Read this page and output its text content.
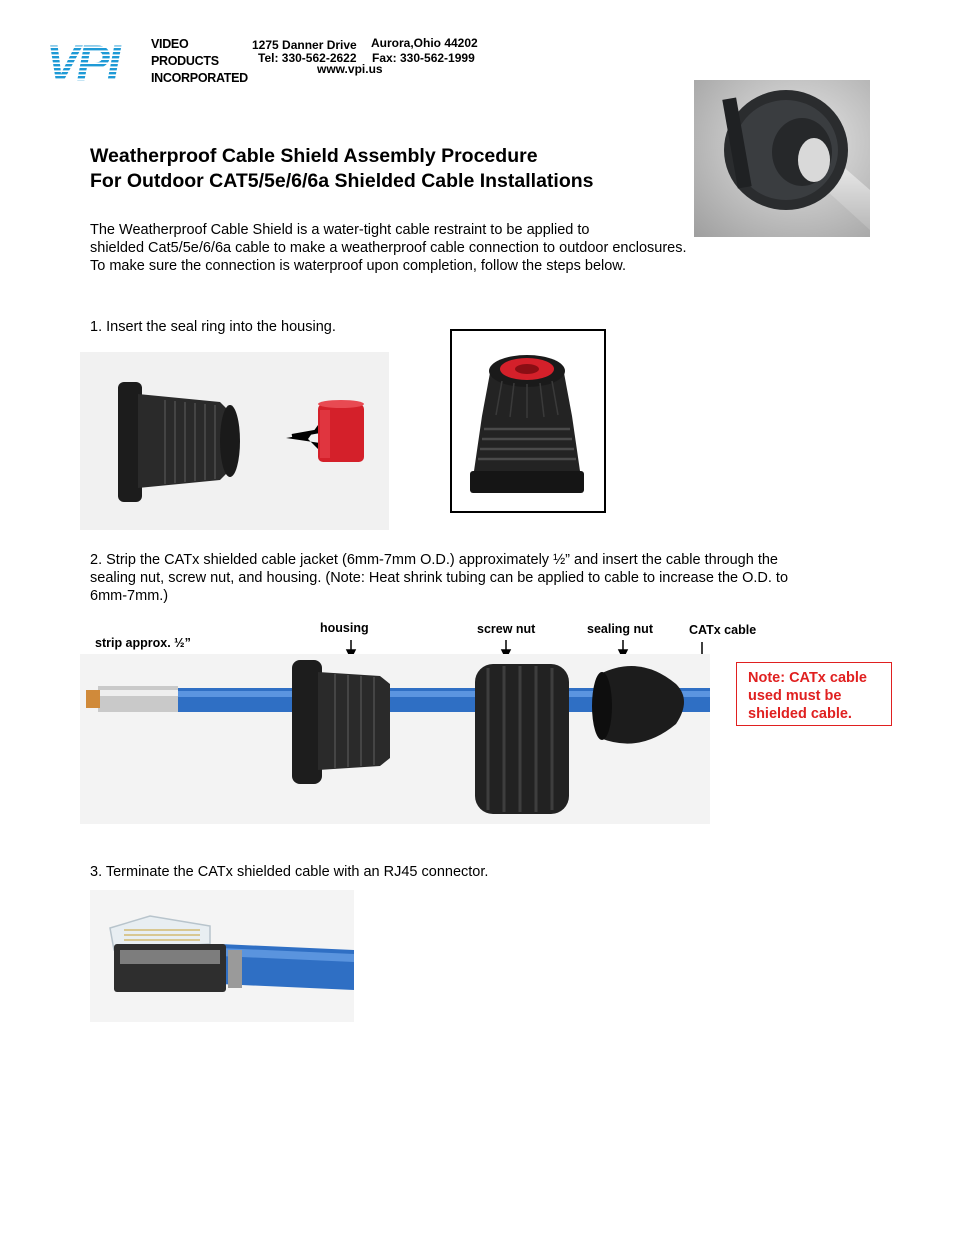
VPI	VIDEO
PRODUCTS
INCORPORATED
1275 Danner Drive Aurora,Ohio 44202
Tel: 330-562-2622 Fax: 330-562-1999
www.vpi.us
Weatherproof Cable Shield Assembly Procedure
For Outdoor CAT5/5e/6/6a Shielded Cable Installations
The Weatherproof Cable Shield is a water-tight cable restraint to be applied to
shielded Cat5/5e/6/6a cable to make a weatherproof cable connection to outdoor enclosures.
To make sure the connection is waterproof upon completion, follow the steps below.
1. Insert the seal ring into the housing.
2. Strip the CATx shielded cable jacket (6mm-7mm O.D.) approximately ½” and insert the cable through the
sealing nut, screw nut, and housing. (Note: Heat shrink tubing can be applied to cable to increase the O.D. to
6mm-7mm.)
strip approx. ½”
housing	screw nut	sealing nut	CATx cable
Note: CATx cable
used must be
shielded cable.
3. Terminate the CATx shielded cable with an RJ45 connector.
